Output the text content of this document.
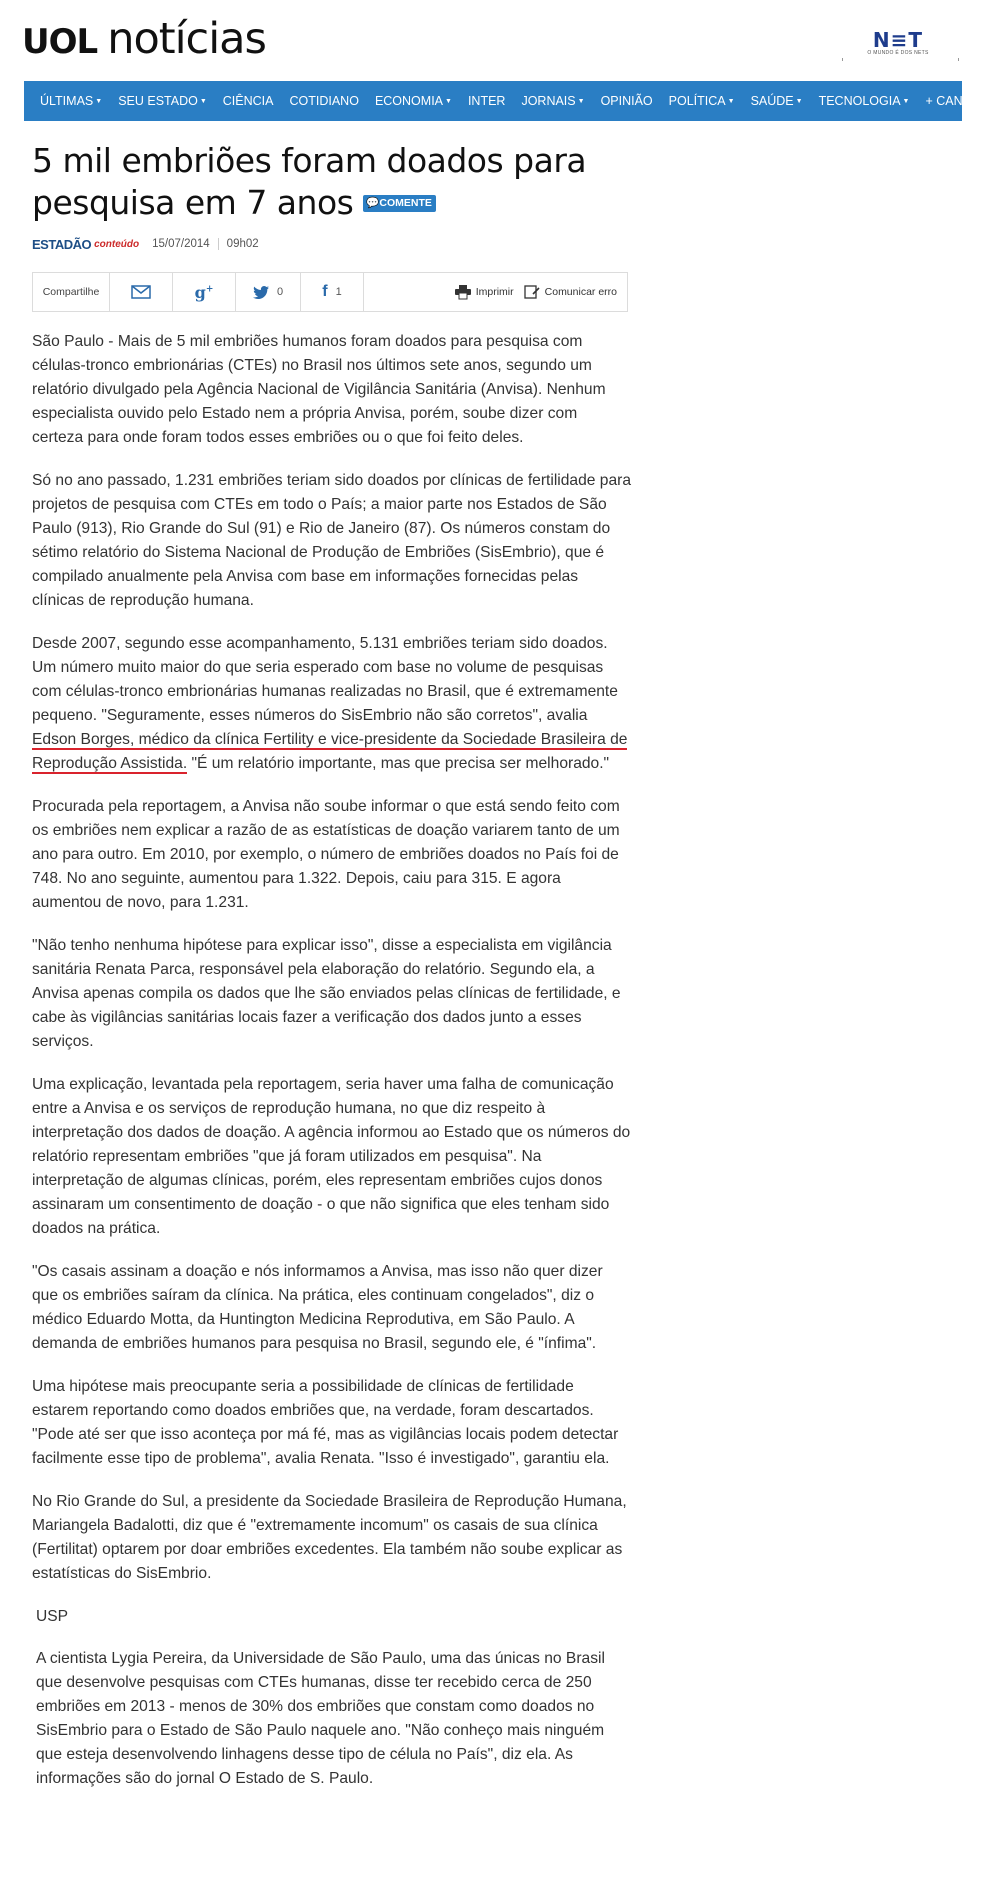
UOL notícias	N≡T
O MUNDO É DOS NETS
ÚLTIMAS ▼	SEU ESTADO ▼	CIÊNCIA	COTIDIANO	ECONOMIA ▼	INTER	JORNAIS ▼	OPINIÃO	POLÍTICA ▼	SAÚDE ▼	TECNOLOGIA ▼	+ CANAIS ▼
5 mil embriões foram doados para pesquisa em 7 anos 💬COMENTE
ESTADÃO conteúdo 15/07/2014	09h02
Compartilhe	g+	0 f 1	Imprimir	Comunicar erro

São Paulo - Mais de 5 mil embriões humanos foram doados para pesquisa com células-tronco embrionárias (CTEs) no Brasil nos últimos sete anos, segundo um relatório divulgado pela Agência Nacional de Vigilância Sanitária (Anvisa). Nenhum especialista ouvido pelo Estado nem a própria Anvisa, porém, soube dizer com certeza para onde foram todos esses embriões ou o que foi feito deles.

Só no ano passado, 1.231 embriões teriam sido doados por clínicas de fertilidade para projetos de pesquisa com CTEs em todo o País; a maior parte nos Estados de São Paulo (913), Rio Grande do Sul (91) e Rio de Janeiro (87). Os números constam do sétimo relatório do Sistema Nacional de Produção de Embriões (SisEmbrio), que é compilado anualmente pela Anvisa com base em informações fornecidas pelas clínicas de reprodução humana.

Desde 2007, segundo esse acompanhamento, 5.131 embriões teriam sido doados. Um número muito maior do que seria esperado com base no volume de pesquisas com células-tronco embrionárias humanas realizadas no Brasil, que é extremamente pequeno. "Seguramente, esses números do SisEmbrio não são corretos", avalia Edson Borges, médico da clínica Fertility e vice-presidente da Sociedade Brasileira de Reprodução Assistida. "É um relatório importante, mas que precisa ser melhorado."

Procurada pela reportagem, a Anvisa não soube informar o que está sendo feito com os embriões nem explicar a razão de as estatísticas de doação variarem tanto de um ano para outro. Em 2010, por exemplo, o número de embriões doados no País foi de 748. No ano seguinte, aumentou para 1.322. Depois, caiu para 315. E agora aumentou de novo, para 1.231.

"Não tenho nenhuma hipótese para explicar isso", disse a especialista em vigilância sanitária Renata Parca, responsável pela elaboração do relatório. Segundo ela, a Anvisa apenas compila os dados que lhe são enviados pelas clínicas de fertilidade, e cabe às vigilâncias sanitárias locais fazer a verificação dos dados junto a esses serviços.

Uma explicação, levantada pela reportagem, seria haver uma falha de comunicação entre a Anvisa e os serviços de reprodução humana, no que diz respeito à interpretação dos dados de doação. A agência informou ao Estado que os números do relatório representam embriões "que já foram utilizados em pesquisa". Na interpretação de algumas clínicas, porém, eles representam embriões cujos donos assinaram um consentimento de doação - o que não significa que eles tenham sido doados na prática.

"Os casais assinam a doação e nós informamos a Anvisa, mas isso não quer dizer que os embriões saíram da clínica. Na prática, eles continuam congelados", diz o médico Eduardo Motta, da Huntington Medicina Reprodutiva, em São Paulo. A demanda de embriões humanos para pesquisa no Brasil, segundo ele, é "ínfima".

Uma hipótese mais preocupante seria a possibilidade de clínicas de fertilidade estarem reportando como doados embriões que, na verdade, foram descartados. "Pode até ser que isso aconteça por má fé, mas as vigilâncias locais podem detectar facilmente esse tipo de problema", avalia Renata. "Isso é investigado", garantiu ela.

No Rio Grande do Sul, a presidente da Sociedade Brasileira de Reprodução Humana, Mariangela Badalotti, diz que é "extremamente incomum" os casais de sua clínica (Fertilitat) optarem por doar embriões excedentes. Ela também não soube explicar as estatísticas do SisEmbrio.

USP

A cientista Lygia Pereira, da Universidade de São Paulo, uma das únicas no Brasil que desenvolve pesquisas com CTEs humanas, disse ter recebido cerca de 250 embriões em 2013 - menos de 30% dos embriões que constam como doados no SisEmbrio para o Estado de São Paulo naquele ano. "Não conheço mais ninguém que esteja desenvolvendo linhagens desse tipo de célula no País", diz ela. As informações são do jornal O Estado de S. Paulo.
